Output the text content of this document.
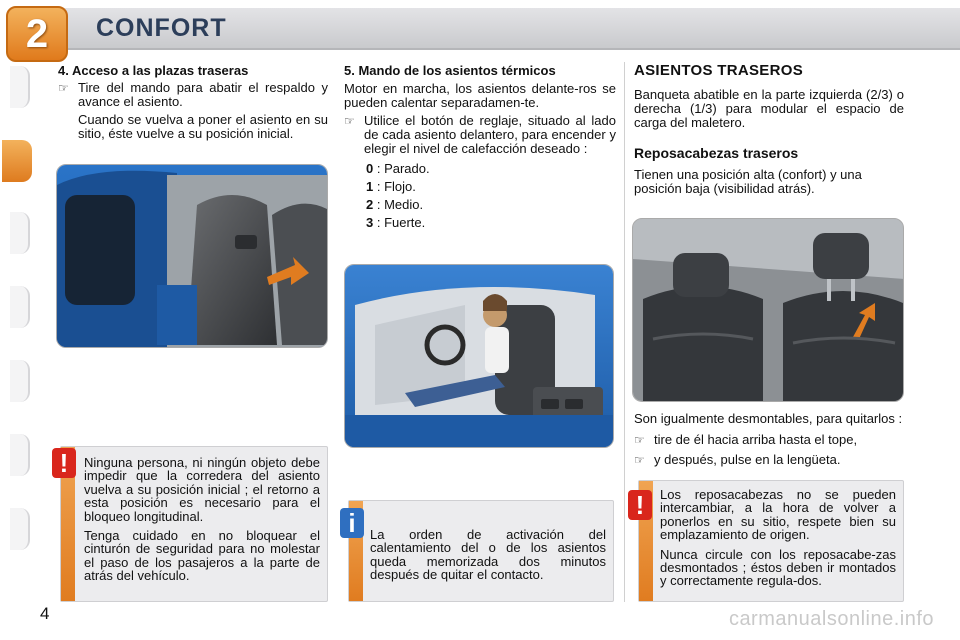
2	CONFORT
4. Acceso a las plazas traseras
☞ Tire del mando para abatir el respaldo y avance el asiento.
Cuando se vuelva a poner el asiento en su sitio, éste vuelve a su posición inicial.
!	Ninguna persona, ni ningún objeto debe impedir que la corredera del asiento vuelva a su posición inicial ; el retorno a esta posición es necesario para el bloqueo longitudinal.

Tenga cuidado en no bloquear el cinturón de seguridad para no molestar el paso de los pasajeros a la parte de atrás del vehículo.

5. Mando de los asientos térmicos
Motor en marcha, los asientos delante-ros se pueden calentar separadamen-te.
☞ Utilice el botón de reglaje, situado al lado de cada asiento delantero, para encender y elegir el nivel de calefacción deseado :
0 : Parado.
1 : Flojo.
2 : Medio.
3 : Fuerte.
i	La orden de activación del calentamiento del o de los asientos queda memorizada dos minutos después de quitar el contacto.

ASIENTOS TRASEROS
Banqueta abatible en la parte izquierda (2/3) o derecha (1/3) para modular el espacio de carga del maletero.
Reposacabezas traseros
Tienen una posición alta (confort) y una posición baja (visibilidad atrás).
Son igualmente desmontables, para quitarlos :
☞ tire de él hacia arriba hasta el tope,
☞ y después, pulse en la lengüeta.
!	Los reposacabezas no se pueden intercambiar, a la hora de volver a ponerlos en su sitio, respete bien su emplazamiento de origen.

Nunca circule con los reposacabe-zas desmontados ; éstos deben ir montados y correctamente regula-dos.

4	carmanualsonline.info
